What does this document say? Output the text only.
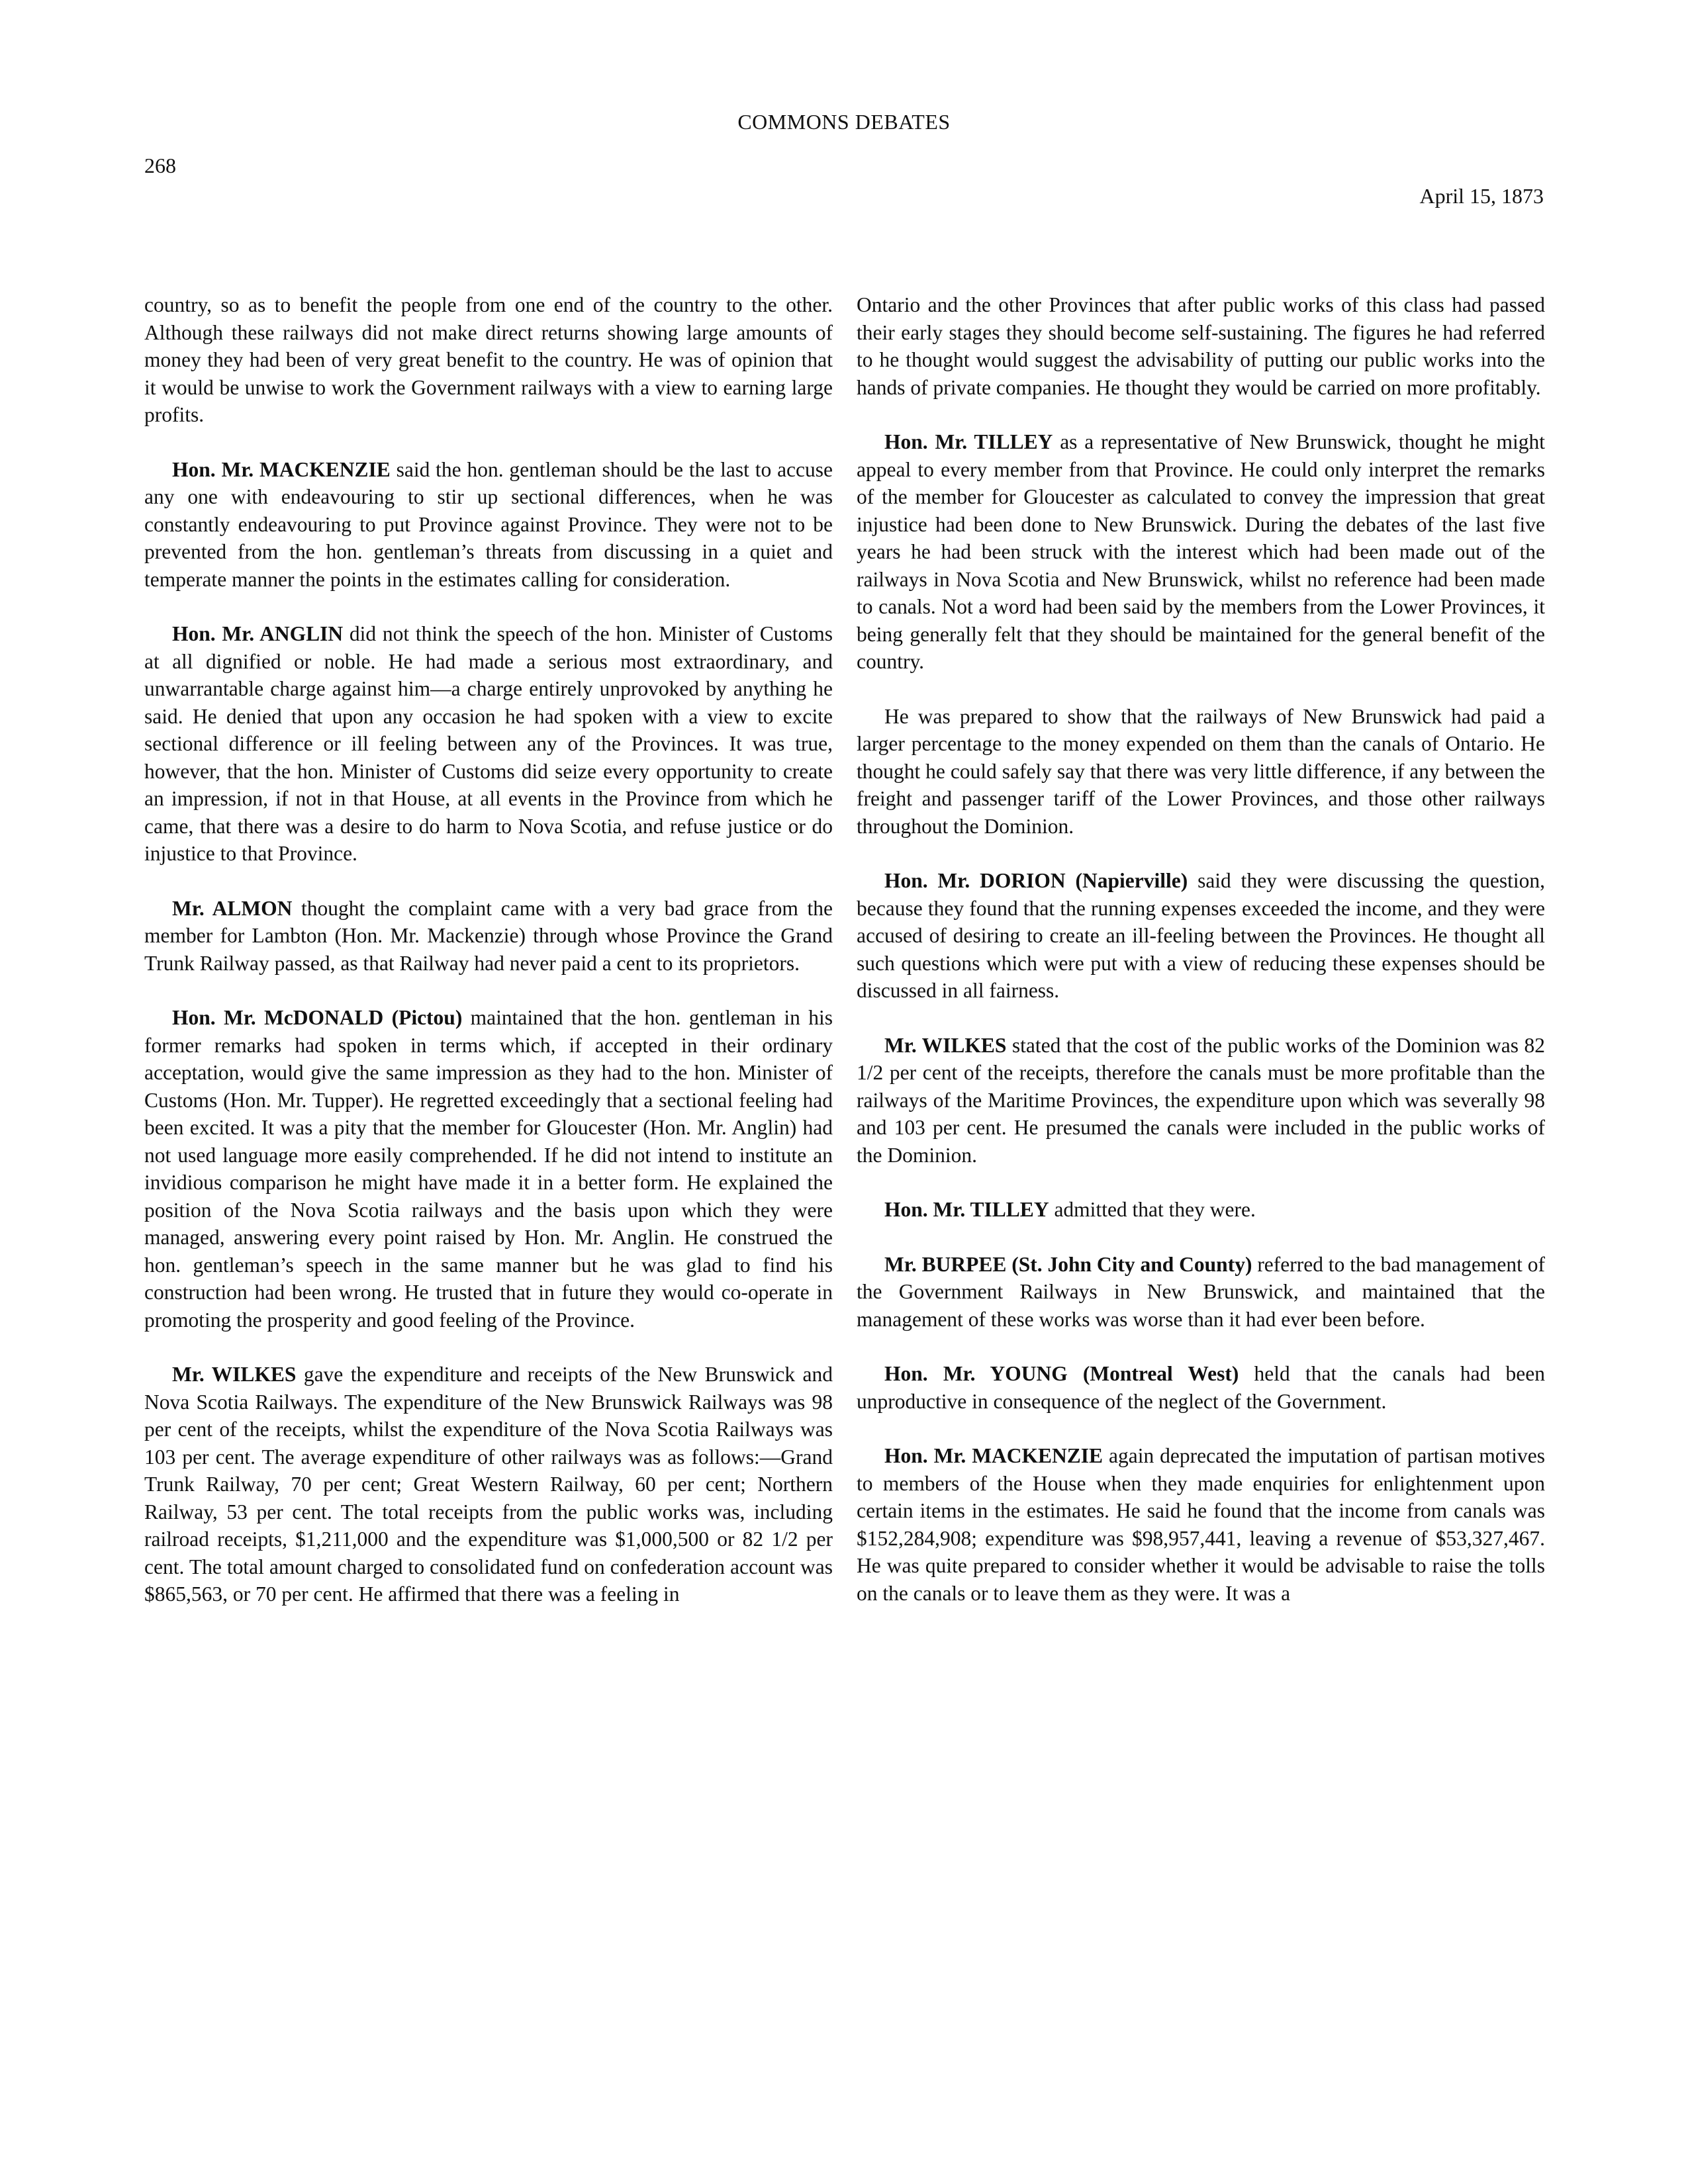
COMMONS DEBATES
268
April 15, 1873

country, so as to benefit the people from one end of the country to the other. Although these railways did not make direct returns showing large amounts of money they had been of very great benefit to the country. He was of opinion that it would be unwise to work the Government railways with a view to earning large profits.

Hon. Mr. MACKENZIE said the hon. gentleman should be the last to accuse any one with endeavouring to stir up sectional differences, when he was constantly endeavouring to put Province against Province. They were not to be prevented from the hon. gentleman’s threats from discussing in a quiet and temperate manner the points in the estimates calling for consideration.

Hon. Mr. ANGLIN did not think the speech of the hon. Minister of Customs at all dignified or noble. He had made a serious most extraordinary, and unwarrantable charge against him—a charge entirely unprovoked by anything he said. He denied that upon any occasion he had spoken with a view to excite sectional difference or ill feeling between any of the Provinces. It was true, however, that the hon. Minister of Customs did seize every opportunity to create an impression, if not in that House, at all events in the Province from which he came, that there was a desire to do harm to Nova Scotia, and refuse justice or do injustice to that Province.

Mr. ALMON thought the complaint came with a very bad grace from the member for Lambton (Hon. Mr. Mackenzie) through whose Province the Grand Trunk Railway passed, as that Railway had never paid a cent to its proprietors.

Hon. Mr. McDONALD (Pictou) maintained that the hon. gentleman in his former remarks had spoken in terms which, if accepted in their ordinary acceptation, would give the same impression as they had to the hon. Minister of Customs (Hon. Mr. Tupper). He regretted exceedingly that a sectional feeling had been excited. It was a pity that the member for Gloucester (Hon. Mr. Anglin) had not used language more easily comprehended. If he did not intend to institute an invidious comparison he might have made it in a better form. He explained the position of the Nova Scotia railways and the basis upon which they were managed, answering every point raised by Hon. Mr. Anglin. He construed the hon. gentleman’s speech in the same manner but he was glad to find his construction had been wrong. He trusted that in future they would co-operate in promoting the prosperity and good feeling of the Province.

Mr. WILKES gave the expenditure and receipts of the New Brunswick and Nova Scotia Railways. The expenditure of the New Brunswick Railways was 98 per cent of the receipts, whilst the expenditure of the Nova Scotia Railways was 103 per cent. The average expenditure of other railways was as follows:—Grand Trunk Railway, 70 per cent; Great Western Railway, 60 per cent; Northern Railway, 53 per cent. The total receipts from the public works was, including railroad receipts, $1,211,000 and the expenditure was $1,000,500 or 82 1/2 per cent. The total amount charged to consolidated fund on confederation account was $865,563, or 70 per cent. He affirmed that there was a feeling in

Ontario and the other Provinces that after public works of this class had passed their early stages they should become self-sustaining. The figures he had referred to he thought would suggest the advisability of putting our public works into the hands of private companies. He thought they would be carried on more profitably.

Hon. Mr. TILLEY as a representative of New Brunswick, thought he might appeal to every member from that Province. He could only interpret the remarks of the member for Gloucester as calculated to convey the impression that great injustice had been done to New Brunswick. During the debates of the last five years he had been struck with the interest which had been made out of the railways in Nova Scotia and New Brunswick, whilst no reference had been made to canals. Not a word had been said by the members from the Lower Provinces, it being generally felt that they should be maintained for the general benefit of the country.

He was prepared to show that the railways of New Brunswick had paid a larger percentage to the money expended on them than the canals of Ontario. He thought he could safely say that there was very little difference, if any between the freight and passenger tariff of the Lower Provinces, and those other railways throughout the Dominion.

Hon. Mr. DORION (Napierville) said they were discussing the question, because they found that the running expenses exceeded the income, and they were accused of desiring to create an ill-feeling between the Provinces. He thought all such questions which were put with a view of reducing these expenses should be discussed in all fairness.

Mr. WILKES stated that the cost of the public works of the Dominion was 82 1/2 per cent of the receipts, therefore the canals must be more profitable than the railways of the Maritime Provinces, the expenditure upon which was severally 98 and 103 per cent. He presumed the canals were included in the public works of the Dominion.

Hon. Mr. TILLEY admitted that they were.

Mr. BURPEE (St. John City and County) referred to the bad management of the Government Railways in New Brunswick, and maintained that the management of these works was worse than it had ever been before.

Hon. Mr. YOUNG (Montreal West) held that the canals had been unproductive in consequence of the neglect of the Government.

Hon. Mr. MACKENZIE again deprecated the imputation of partisan motives to members of the House when they made enquiries for enlightenment upon certain items in the estimates. He said he found that the income from canals was $152,284,908; expenditure was $98,957,441, leaving a revenue of $53,327,467. He was quite prepared to consider whether it would be advisable to raise the tolls on the canals or to leave them as they were. It was a
